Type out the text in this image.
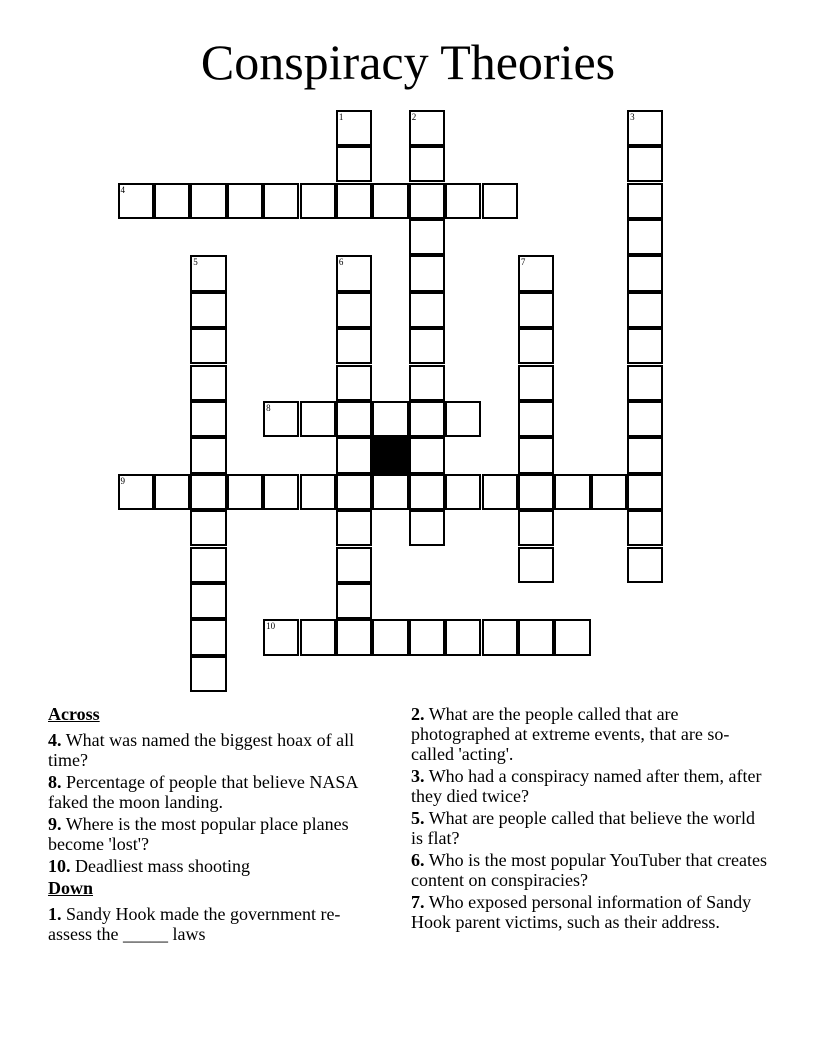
Conspiracy Theories
1	2	3
4
5	6	7
8
9
10
Across
4. What was named the biggest hoax of all time?
8. Percentage of people that believe NASA faked the moon landing.
9. Where is the most popular place planes become 'lost'?
10. Deadliest mass shooting
Down
1. Sandy Hook made the government re-assess the _____ laws
2. What are the people called that are photographed at extreme events, that are so-called 'acting'.
3. Who had a conspiracy named after them, after they died twice?
5. What are people called that believe the world is flat?
6. Who is the most popular YouTuber that creates content on conspiracies?
7. Who exposed personal information of Sandy Hook parent victims, such as their address.
